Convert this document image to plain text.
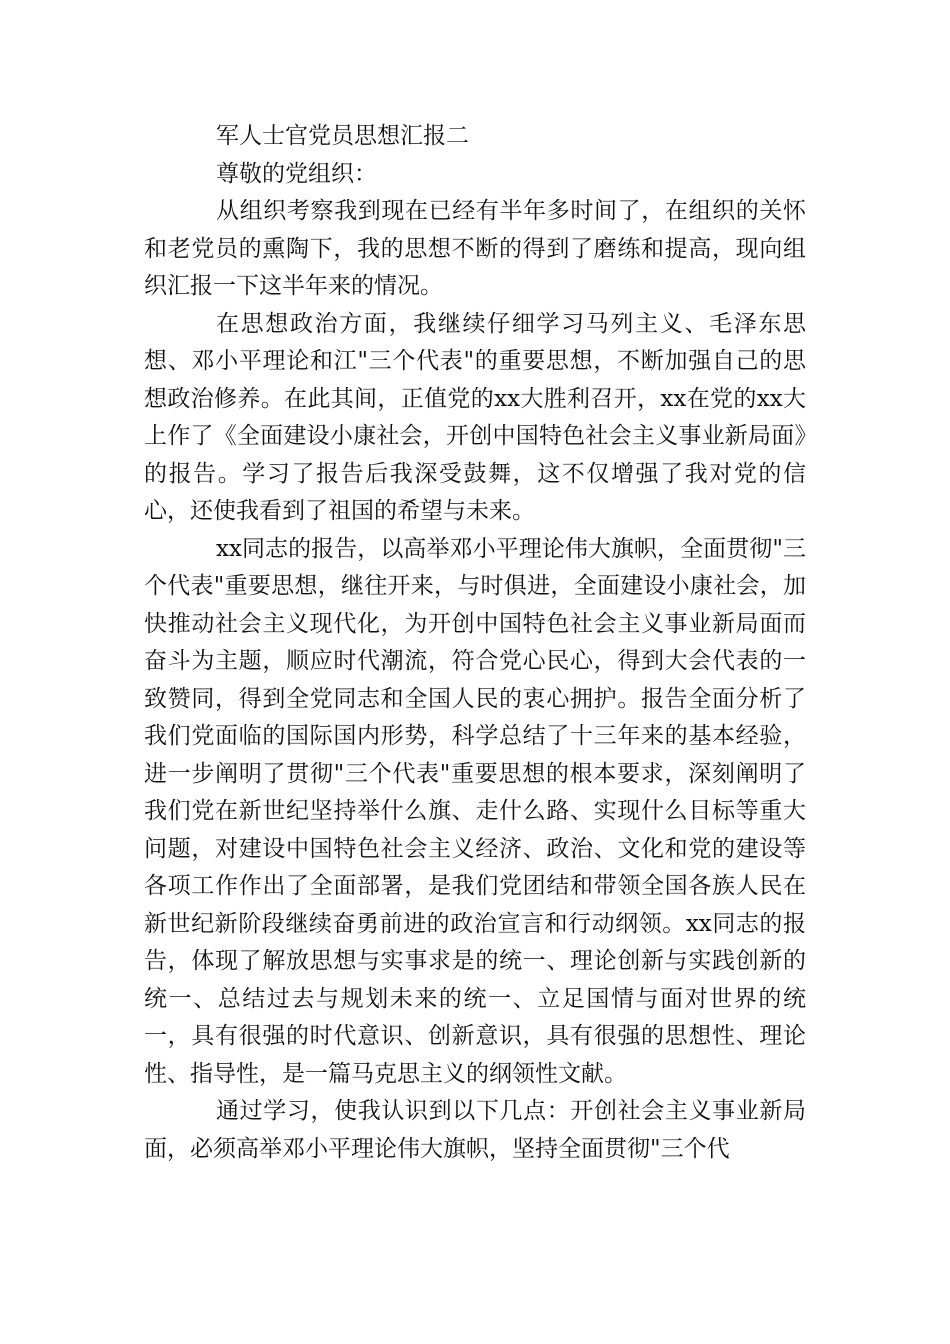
军人士官党员思想汇报二

尊敬的党组织：

从组织考察我到现在已经有半年多时间了，在组织的关怀和老党员的熏陶下，我的思想不断的得到了磨练和提高，现向组织汇报一下这半年来的情况。

在思想政治方面，我继续仔细学习马列主义、毛泽东思想、邓小平理论和江"三个代表"的重要思想，不断加强自己的思想政治修养。在此其间，正值党的xx大胜利召开，xx在党的xx大上作了《全面建设小康社会，开创中国特色社会主义事业新局面》的报告。学习了报告后我深受鼓舞，这不仅增强了我对党的信心，还使我看到了祖国的希望与未来。

xx同志的报告，以高举邓小平理论伟大旗帜，全面贯彻"三个代表"重要思想，继往开来，与时俱进，全面建设小康社会，加快推动社会主义现代化，为开创中国特色社会主义事业新局面而奋斗为主题，顺应时代潮流，符合党心民心，得到大会代表的一致赞同，得到全党同志和全国人民的衷心拥护。报告全面分析了我们党面临的国际国内形势，科学总结了十三年来的基本经验，进一步阐明了贯彻"三个代表"重要思想的根本要求，深刻阐明了我们党在新世纪坚持举什么旗、走什么路、实现什么目标等重大问题，对建设中国特色社会主义经济、政治、文化和党的建设等各项工作作出了全面部署，是我们党团结和带领全国各族人民在新世纪新阶段继续奋勇前进的政治宣言和行动纲领。xx同志的报告，体现了解放思想与实事求是的统一、理论创新与实践创新的统一、总结过去与规划未来的统一、立足国情与面对世界的统一，具有很强的时代意识、创新意识，具有很强的思想性、理论性、指导性，是一篇马克思主义的纲领性文献。

通过学习，使我认识到以下几点：开创社会主义事业新局面，必须高举邓小平理论伟大旗帜，坚持全面贯彻"三个代
